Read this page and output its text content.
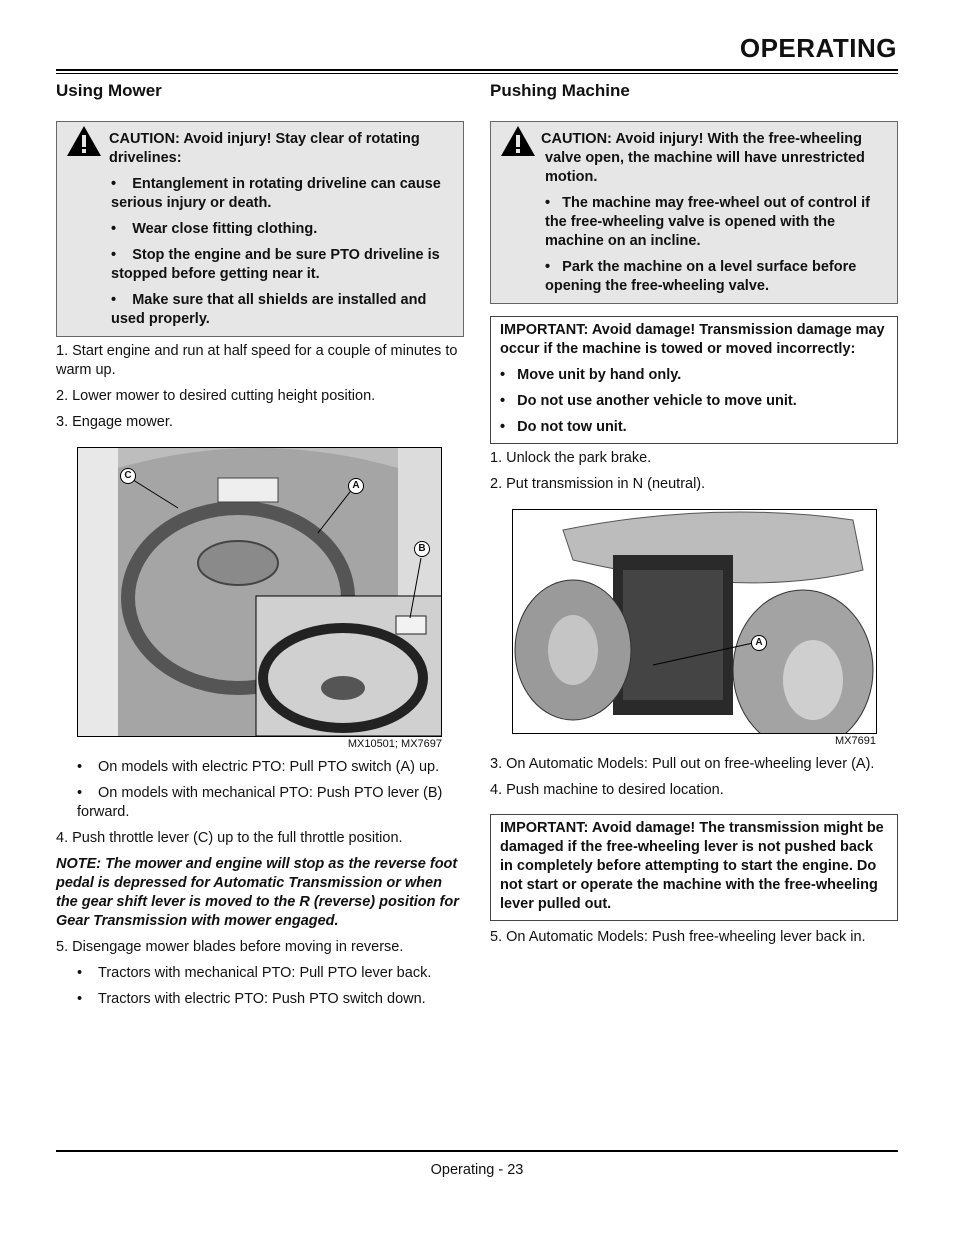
OPERATING
Using Mower
CAUTION: Avoid injury! Stay clear of rotating
drivelines:

•    Entanglement in rotating driveline can cause serious injury or death.

•    Wear close fitting clothing.

•    Stop the engine and be sure PTO driveline is stopped before getting near it.

•    Make sure that all shields are installed and used properly.

1. Start engine and run at half speed for a couple of minutes to warm up.
2. Lower mower to desired cutting height position.
3. Engage mower.
C
A
B
MX10501; MX7697
• On models with electric PTO: Pull PTO switch (A) up.
• On models with mechanical PTO: Push PTO lever (B) forward.
4. Push throttle lever (C) up to the full throttle position.
NOTE: The mower and engine will stop as the reverse foot pedal is depressed for Automatic Transmission or when the gear shift lever is moved to the R (reverse) position for Gear Transmission with mower engaged.
5. Disengage mower blades before moving in reverse.
• Tractors with mechanical PTO: Pull PTO lever back.
• Tractors with electric PTO: Push PTO switch down.
Pushing Machine
CAUTION: Avoid injury! With the free-wheeling
valve open, the machine will have unrestricted motion.

•   The machine may free-wheel out of control if the free-wheeling valve is opened with the machine on an incline.

•   Park the machine on a level surface before opening the free-wheeling valve.

IMPORTANT: Avoid damage! Transmission damage may occur if the machine is towed or moved incorrectly:

•   Move unit by hand only.

•   Do not use another vehicle to move unit.

•   Do not tow unit.

1. Unlock the park brake.
2. Put transmission in N (neutral).
A
MX7691
3. On Automatic Models: Pull out on free-wheeling lever (A).
4. Push machine to desired location.

IMPORTANT: Avoid damage! The transmission might be damaged if the free-wheeling lever is not pushed back in completely before attempting to start the engine. Do not start or operate the machine with the free-wheeling lever pulled out.

5. On Automatic Models: Push free-wheeling lever back in.
Operating - 23
